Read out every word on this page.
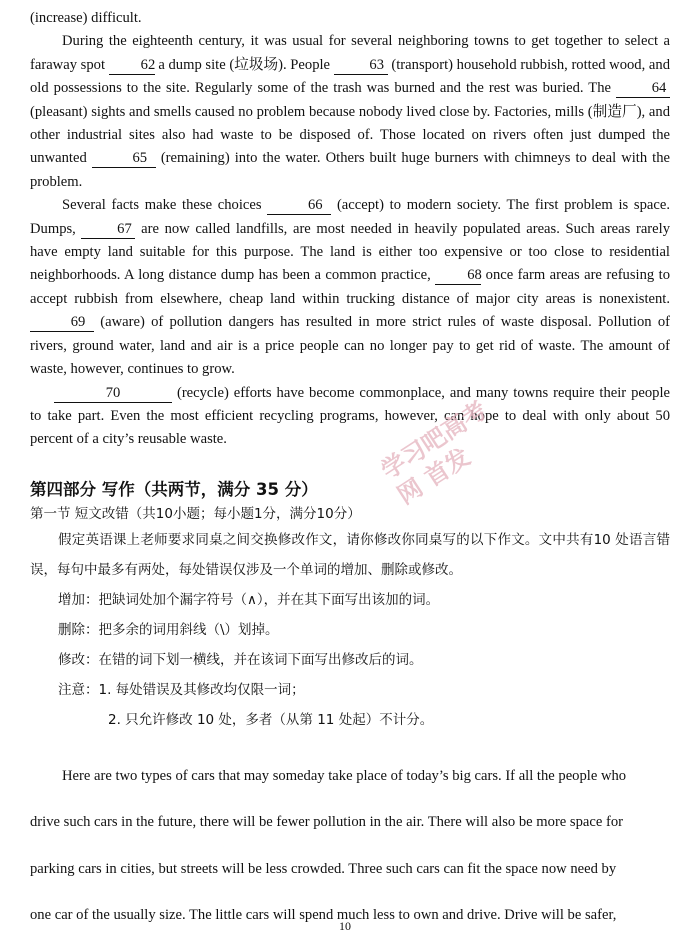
(increase) difficult.

During the eighteenth century, it was usual for several neighboring towns to get together to select a faraway spot 62 a dump site (垃圾场). People 63 (transport) household rubbish, rotted wood, and old possessions to the site. Regularly some of the trash was burned and the rest was buried. The 64 (pleasant) sights and smells caused no problem because nobody lived close by. Factories, mills (制造厂), and other industrial sites also had waste to be disposed of. Those located on rivers often just dumped the unwanted	65 (remaining) into the water. Others built huge burners with chimneys to deal with the problem.

Several facts make these choices	66 (accept) to modern society. The first problem is space. Dumps, 67 are now called landfills, are most needed in heavily populated areas. Such areas rarely have empty land suitable for this purpose. The land is either too expensive or too close to residential neighborhoods. A long distance dump has been a common practice, 68 once farm areas are refusing to accept rubbish from elsewhere, cheap land within trucking distance of major city areas is nonexistent. 69 (aware) of pollution dangers has resulted in more strict rules of waste disposal. Pollution of rivers, ground water, land and air is a price people can no longer pay to get rid of waste. The amount of waste, however, continues to grow.

70	(recycle) efforts have become commonplace, and many towns require their people to take part. Even the most efficient recycling programs, however, can hope to deal with only about 50 percent of a city’s reusable waste.

第四部分 写作（共两节，满分 35 分）
第一节 短文改错（共10小题；每小题1分，满分10分）

假定英语课上老师要求同桌之间交换修改作文，请你修改你同桌写的以下作文。文中共有10 处语言错误，每句中最多有两处，每处错误仅涉及一个单词的增加、删除或修改。

增加：把缺词处加个漏字符号（∧），并在其下面写出该加的词。

删除：把多余的词用斜线（\）划掉。

修改：在错的词下划一横线，并在该词下面写出修改后的词。

注意：1. 每处错误及其修改均仅限一词；

2. 只允许修改 10 处，多者（从第 11 处起）不计分。

Here are two types of cars that may someday take place of today’s big cars. If all the people who

drive such cars in the future, there will be fewer pollution in the air. There will also be more space for

parking cars in cities, but streets will be less crowded. Three such cars can fit the space now need by

one car of the usually size. The little cars will spend much less to own and drive. Drive will be safer,

学习吧高考网 首发
10
